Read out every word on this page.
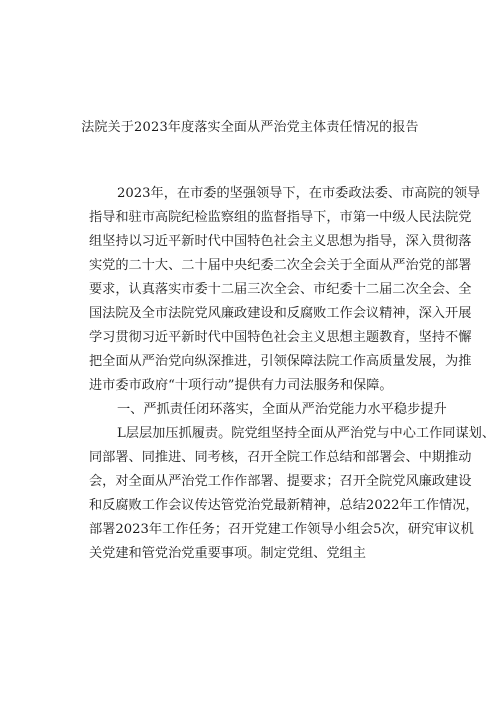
法院关于2023年度落实全面从严治党主体责任情况的报告
2023年，在市委的坚强领导下，在市委政法委、市高院的领导
指导和驻市高院纪检监察组的监督指导下，市第一中级人民法院党
组坚持以习近平新时代中国特色社会主义思想为指导，深入贯彻落
实党的二十大、二十届中央纪委二次全会关于全面从严治党的部署
要求，认真落实市委十二届三次全会、市纪委十二届二次全会、全
国法院及全市法院党风廉政建设和反腐败工作会议精神，深入开展
学习贯彻习近平新时代中国特色社会主义思想主题教育，坚持不懈
把全面从严治党向纵深推进，引领保障法院工作高质量发展，为推
进市委市政府“十项行动”提供有力司法服务和保障。
一、严抓责任闭环落实，全面从严治党能力水平稳步提升
L层层加压抓履责。院党组坚持全面从严治党与中心工作同谋划、
同部署、同推进、同考核，召开全院工作总结和部署会、中期推动
会，对全面从严治党工作作部署、提要求；召开全院党风廉政建设
和反腐败工作会议传达管党治党最新精神，总结2022年工作情况，
部署2023年工作任务；召开党建工作领导小组会5次，研究审议机
关党建和管党治党重要事项。制定党组、党组主
